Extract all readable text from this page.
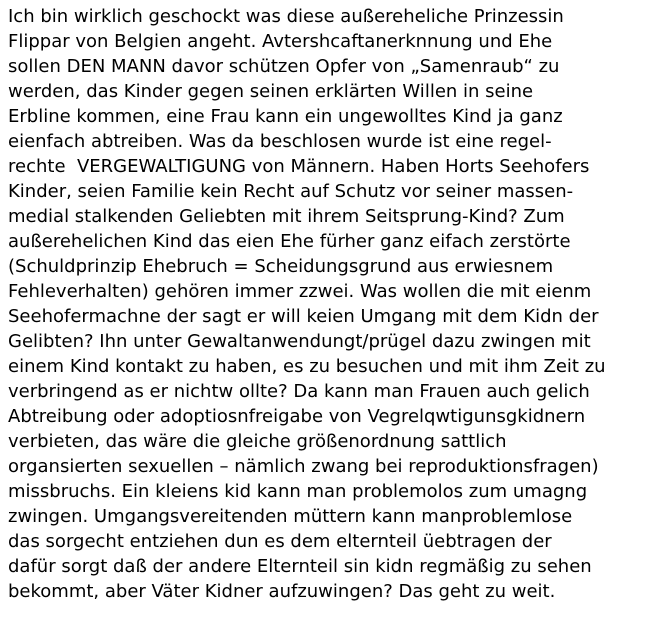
Ich bin wirklich geschockt was diese außereheliche Prinzessin
Flippar von Belgien angeht. Avtershcaftanerknnung und Ehe
sollen DEN MANN davor schützen Opfer von „Samenraub“ zu
werden, das Kinder gegen seinen erklärten Willen in seine
Erbline kommen, eine Frau kann ein ungewolltes Kind ja ganz
eienfach abtreiben. Was da beschlosen wurde ist eine regel-
rechte  VERGEWALTIGUNG von Männern. Haben Horts Seehofers
Kinder, seien Familie kein Recht auf Schutz vor seiner massen-
medial stalkenden Geliebten mit ihrem Seitsprung-Kind? Zum
außerehelichen Kind das eien Ehe fürher ganz eifach zerstörte
(Schuldprinzip Ehebruch = Scheidungsgrund aus erwiesnem
Fehleverhalten) gehören immer zzwei. Was wollen die mit eienm
Seehofermachne der sagt er will keien Umgang mit dem Kidn der
Gelibten? Ihn unter Gewaltanwendungt/prügel dazu zwingen mit
einem Kind kontakt zu haben, es zu besuchen und mit ihm Zeit zu
verbringend as er nichtw ollte? Da kann man Frauen auch gelich
Abtreibung oder adoptiosnfreigabe von Vegrelqwtigunsgkidnern
verbieten, das wäre die gleiche größenordnung sattlich
organsierten sexuellen – nämlich zwang bei reproduktionsfragen)
missbruchs. Ein kleiens kid kann man problemolos zum umagng
zwingen. Umgangsvereitenden müttern kann manproblemlose
das sorgecht entziehen dun es dem elternteil üebtragen der
dafür sorgt daß der andere Elternteil sin kidn regmäßig zu sehen
bekommt, aber Väter Kidner aufzuwingen? Das geht zu weit.
